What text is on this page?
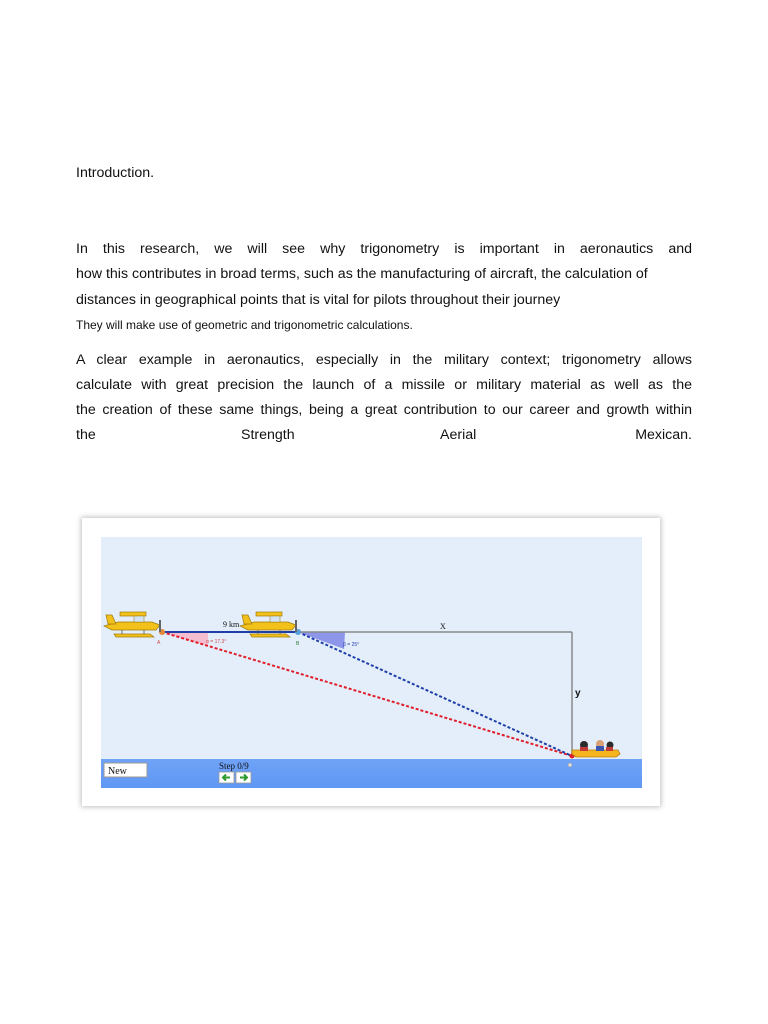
Introduction.
In this research, we will see why trigonometry is important in aeronautics and
how this contributes in broad terms, such as the manufacturing of aircraft, the calculation of
distances in geographical points that is vital for pilots throughout their journey
They will make use of geometric and trigonometric calculations.
A clear example in aeronautics, especially in the military context; trigonometry allows
calculate with great precision the launch of a missile or military material as well as the
the creation of these same things, being a great contribution to our career and growth within
the	Strength	Aerial	Mexican.
9 km	X
y
A	B
α = 17.3°	β = 25°
New	Step 0/9
